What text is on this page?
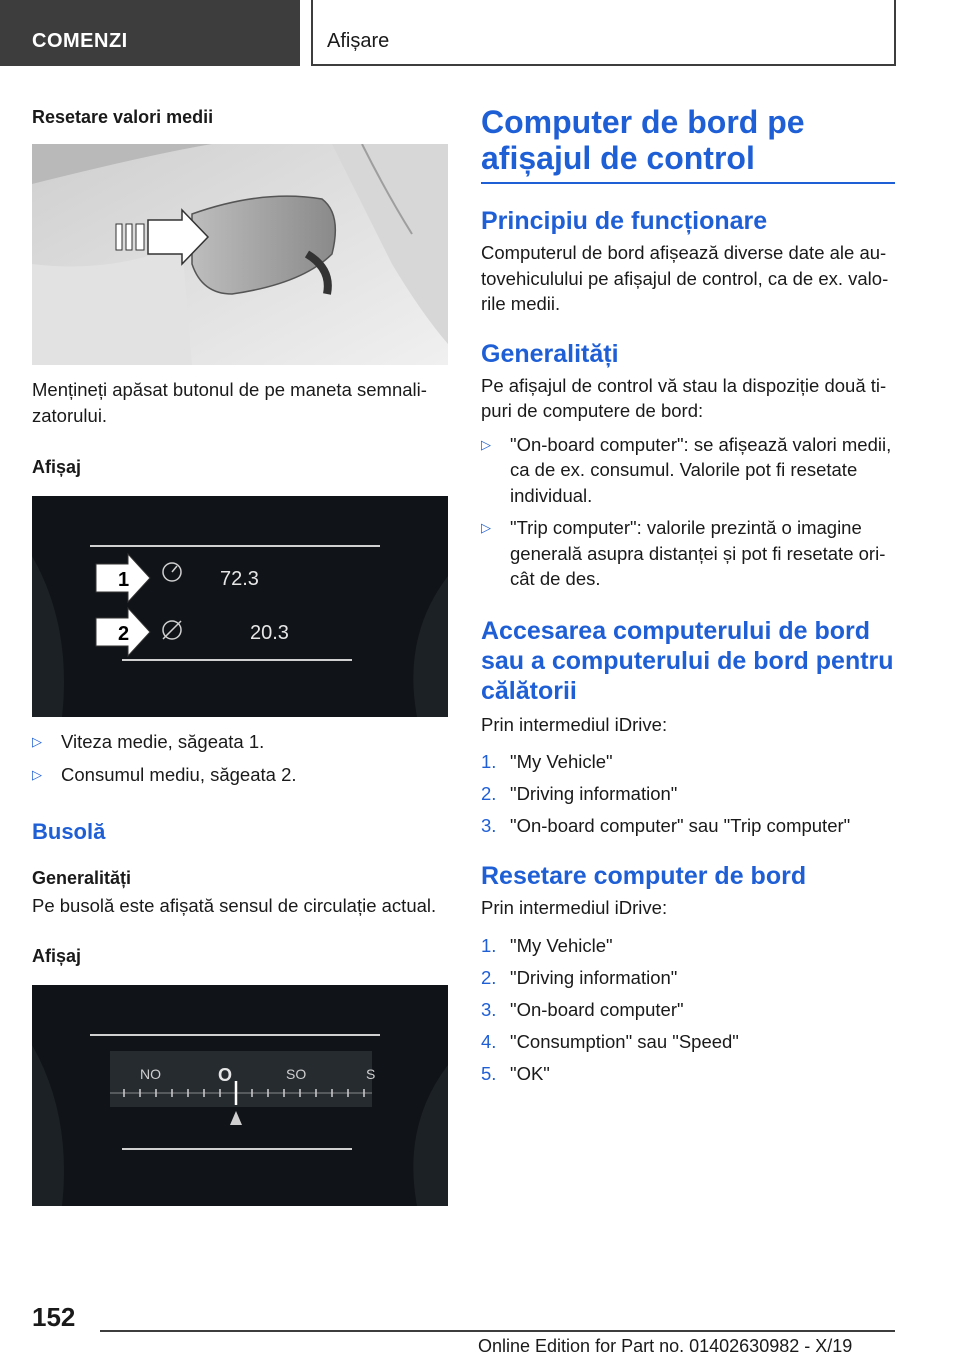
COMENZI	Afișare
Resetare valori medii
Mențineți apăsat butonul de pe maneta semnalizatorului.
Afișaj
1
2
72.3
20.3
▷ Viteza medie, săgeata 1.
▷ Consumul mediu, săgeata 2.
Busolă
Generalități
Pe busolă este afișată sensul de circulație actual.
Afișaj
NO	O	SO	S
Computer de bord pe afișajul de control
Principiu de funcționare
Computerul de bord afișează diverse date ale autovehiculului pe afișajul de control, ca de ex. valorile medii.
Generalități
Pe afișajul de control vă stau la dispoziție două tipuri de computere de bord:
▷ "On-board computer": se afișează valori medii, ca de ex. consumul. Valorile pot fi resetate individual.
▷ "Trip computer": valorile prezintă o imagine generală asupra distanței și pot fi resetate oricât de des.
Accesarea computerului de bord sau a computerului de bord pentru călătorii
Prin intermediul iDrive:
1. "My Vehicle"
2. "Driving information"
3. "On-board computer" sau "Trip computer"
Resetare computer de bord
Prin intermediul iDrive:
1. "My Vehicle"
2. "Driving information"
3. "On-board computer"
4. "Consumption" sau "Speed"
5. "OK"
152
Online Edition for Part no. 01402630982 - X/19
